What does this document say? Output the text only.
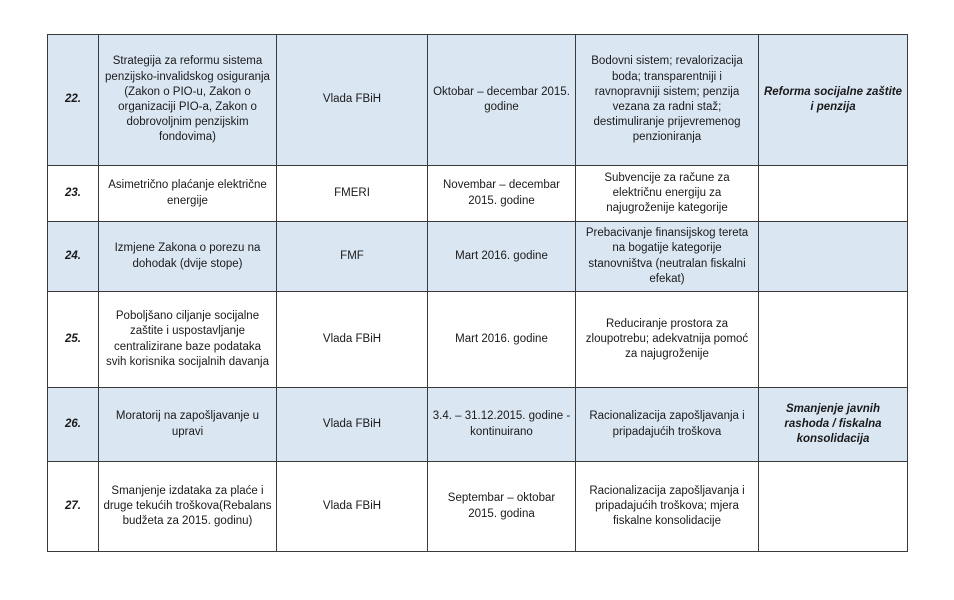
22.	Strategija za reformu sistema penzijsko-invalidskog osiguranja (Zakon o PIO-u, Zakon o organizaciji PIO-a, Zakon o dobrovoljnim penzijskim fondovima)	Vlada FBiH	Oktobar – decembar 2015. godine	Bodovni sistem; revalorizacija boda; transparentniji i ravnopravniji sistem; penzija vezana za radni staž; destimuliranje prijevremenog penzioniranja	Reforma socijalne zaštite i penzija
23.	Asimetrično plaćanje električne energije	FMERI	Novembar – decembar 2015. godine	Subvencije za račune za električnu energiju za najugroženije kategorije	
24.	Izmjene Zakona o porezu na dohodak (dvije stope)	FMF	Mart 2016. godine	Prebacivanje finansijskog tereta na bogatije kategorije stanovništva (neutralan fiskalni efekat)	
25.	Poboljšano ciljanje socijalne zaštite i uspostavljanje centralizirane baze podataka svih korisnika socijalnih davanja	Vlada FBiH	Mart 2016. godine	Reduciranje prostora za zloupotrebu; adekvatnija pomoć za najugroženije	
26.	Moratorij na zapošljavanje u upravi	Vlada FBiH	3.4. – 31.12.2015. godine - kontinuirano	Racionalizacija zapošljavanja i pripadajućih troškova	Smanjenje javnih rashoda / fiskalna konsolidacija
27.	Smanjenje izdataka za plaće i druge tekućih troškova(Rebalans budžeta za 2015. godinu)	Vlada FBiH	Septembar – oktobar 2015. godina	Racionalizacija zapošljavanja i pripadajućih troškova; mjera fiskalne konsolidacije	
